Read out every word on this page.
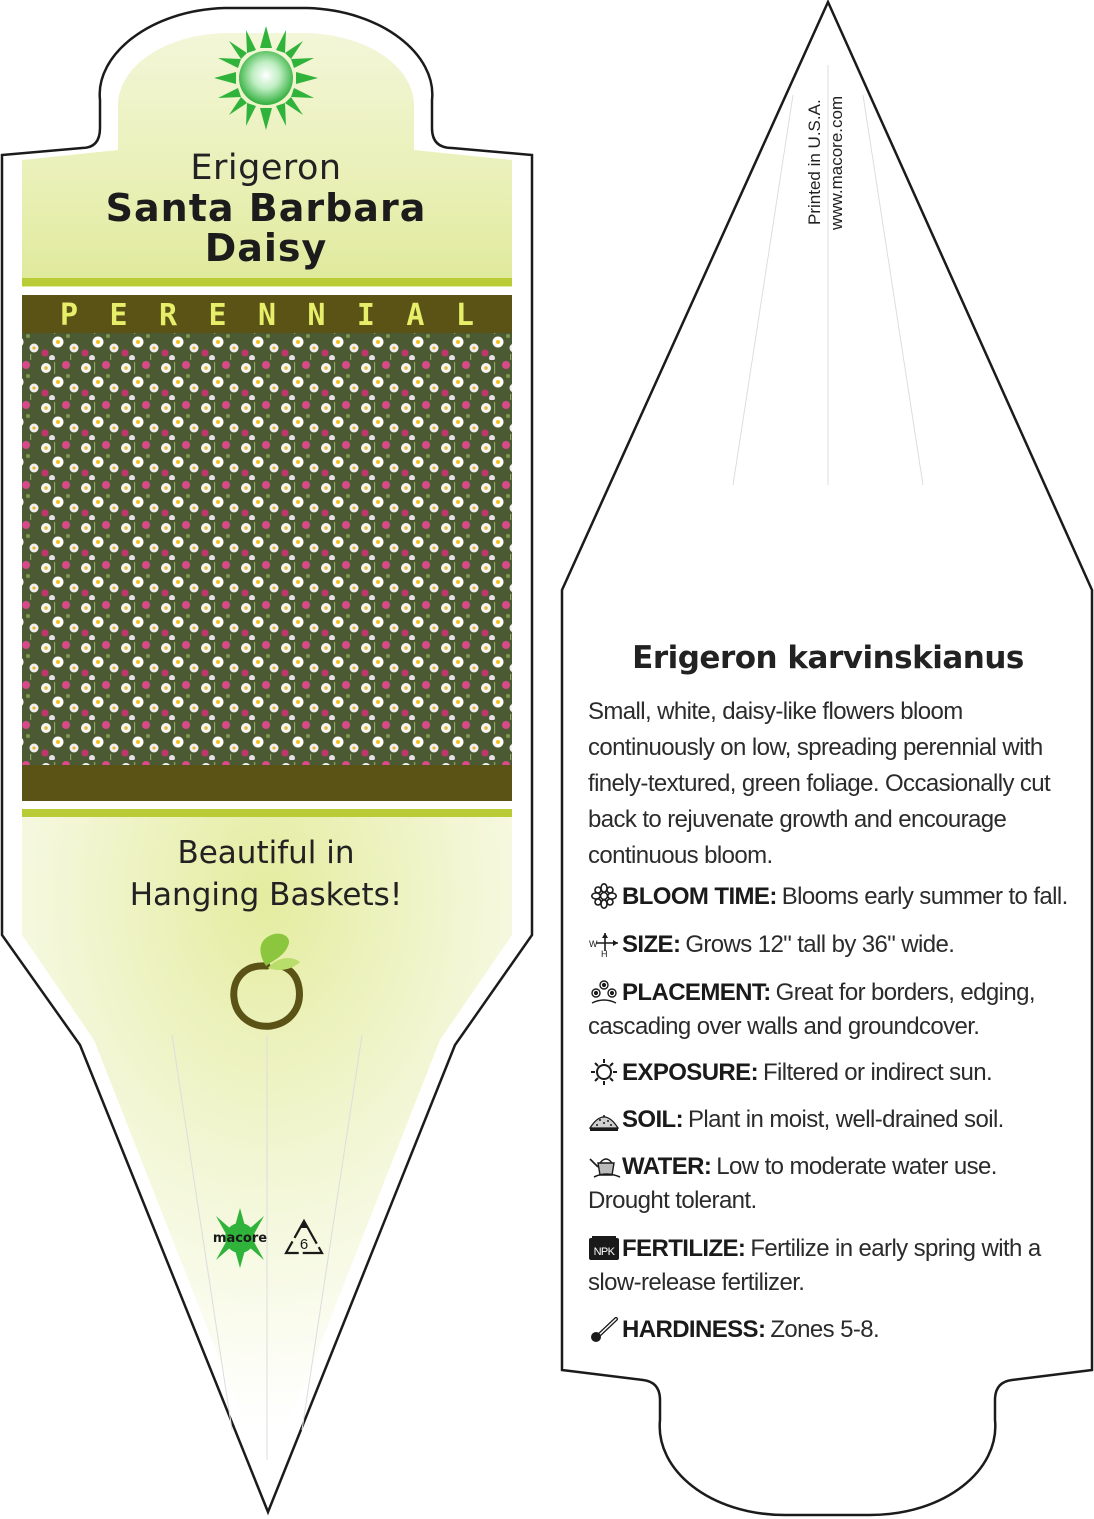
Erigeron
Santa Barbara
Daisy
P E R E N N I A L
Beautiful in
Hanging Baskets!
macore 6
Printed in U.S.A. www.macore.com
Erigeron karvinskianus
Small, white, daisy-like flowers bloom continuously on low, spreading perennial with finely-textured, green foliage. Occasionally cut back to rejuvenate growth and encourage continuous bloom.
BLOOM TIME: Blooms early summer to fall.
W
H SIZE: Grows 12" tall by 36" wide.
PLACEMENT: Great for borders, edging, cascading over walls and groundcover.
EXPOSURE: Filtered or indirect sun.
SOIL: Plant in moist, well-drained soil.
WATER: Low to moderate water use. Drought tolerant.
NPK FERTILIZE: Fertilize in early spring with a slow-release fertilizer.
HARDINESS: Zones 5-8.
